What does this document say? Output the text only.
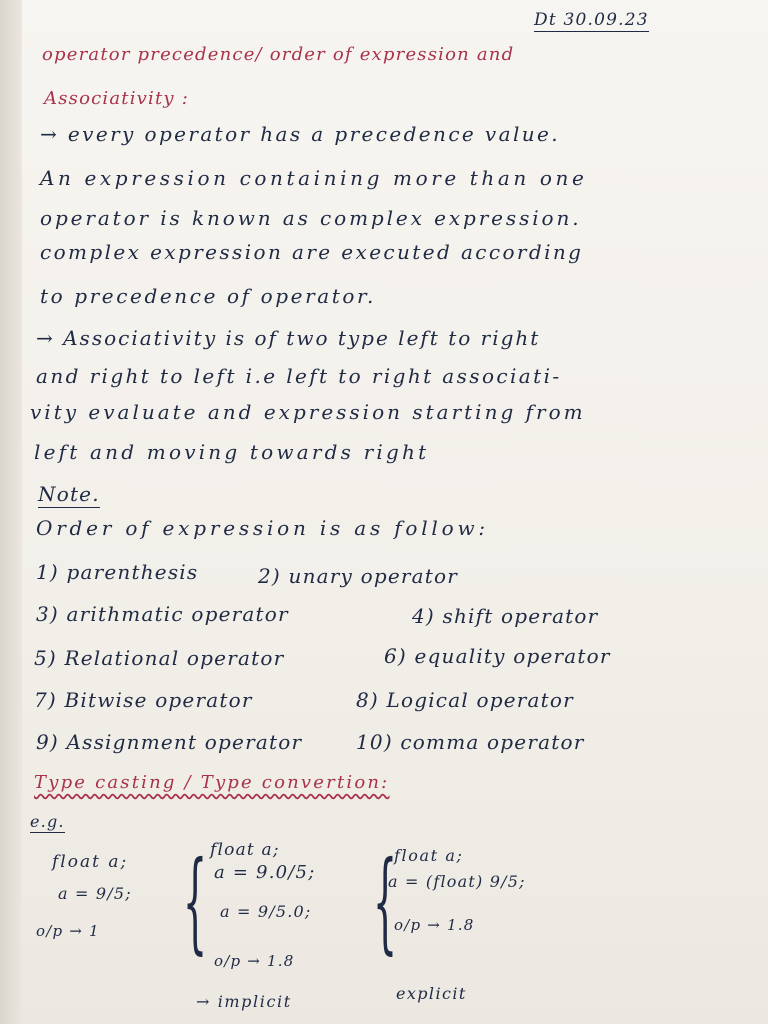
Dt 30.09.23
operator precedence/ order of expression and
Associativity :
→ every operator has a precedence value.
An expression containing more than one
operator is known as complex expression.
complex expression are executed according
to precedence of operator.
→ Associativity is of two type left to right
and right to left i.e left to right associati-
vity evaluate and expression starting from
left and moving towards right
Note.
Order of expression is as follow:
1) parenthesis	2) unary operator
3) arithmatic operator	4) shift operator
5) Relational operator	6) equality operator
7) Bitwise operator	8) Logical operator
9) Assignment operator	10) comma operator
Type casting / Type convertion:
e.g.
float a;
a = 9/5;
o/p → 1 { float a;
a = 9.0/5;
a = 9/5.0;
o/p → 1.8
→ implicit
{
float a;
a = (float) 9/5;
o/p → 1.8
explicit
